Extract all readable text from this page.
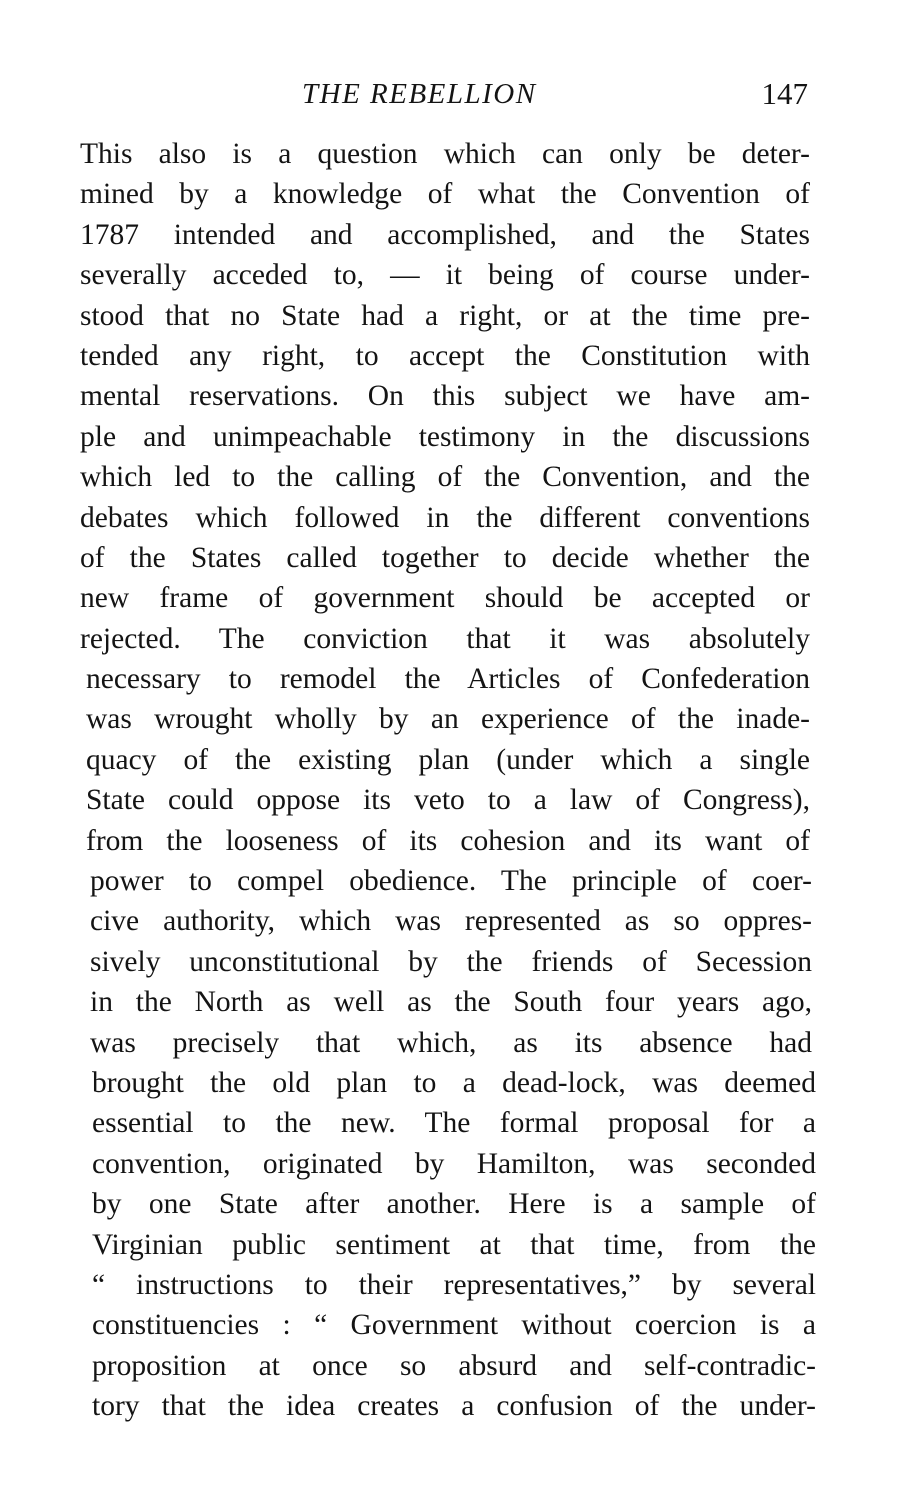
THE REBELLION	147
This also is a question which can only be deter-
mined by a knowledge of what the Convention of
1787 intended and accomplished, and the States
severally acceded to, — it being of course under-
stood that no State had a right, or at the time pre-
tended any right, to accept the Constitution with
mental reservations. On this subject we have am-
ple and unimpeachable testimony in the discussions
which led to the calling of the Convention, and the
debates which followed in the different conventions
of the States called together to decide whether the
new frame of government should be accepted or
rejected. The conviction that it was absolutely
necessary to remodel the Articles of Confederation
was wrought wholly by an experience of the inade-
quacy of the existing plan (under which a single
State could oppose its veto to a law of Congress),
from the looseness of its cohesion and its want of
power to compel obedience. The principle of coer-
cive authority, which was represented as so oppres-
sively unconstitutional by the friends of Secession
in the North as well as the South four years ago,
was precisely that which, as its absence had
brought the old plan to a dead-lock, was deemed
essential to the new. The formal proposal for a
convention, originated by Hamilton, was seconded
by one State after another. Here is a sample of
Virginian public sentiment at that time, from the
“ instructions to their representatives,” by several
constituencies : “ Government without coercion is a
proposition at once so absurd and self-contradic-
tory that the idea creates a confusion of the under-
